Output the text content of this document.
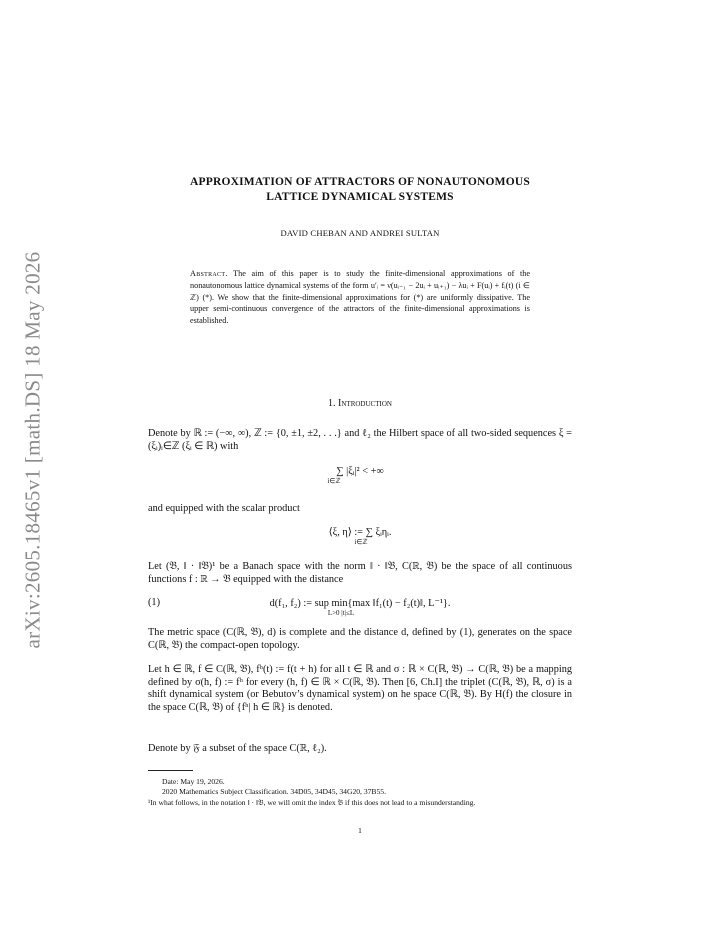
arXiv:2605.18465v1 [math.DS] 18 May 2026
APPROXIMATION OF ATTRACTORS OF NONAUTONOMOUS
LATTICE DYNAMICAL SYSTEMS
DAVID CHEBAN AND ANDREI SULTAN
Abstract. The aim of this paper is to study the finite-dimensional approximations of the nonautonomous lattice dynamical systems of the form u′ᵢ = ν(uᵢ₋₁ − 2uᵢ + uᵢ₊₁) − λuᵢ + F(uᵢ) + fᵢ(t) (i ∈ ℤ) (*). We show that the finite-dimensional approximations for (*) are uniformly dissipative. The upper semi-continuous convergence of the attractors of the finite-dimensional approximations is established.
1. Introduction
Denote by ℝ := (−∞, ∞), ℤ := {0, ±1, ±2, . . .} and ℓ₂ the Hilbert space of all two-sided sequences ξ = (ξᵢ)ᵢ∈ℤ (ξᵢ ∈ ℝ) with
∑ |ξᵢ|² < +∞
i∈ℤ
and equipped with the scalar product
⟨ξ, η⟩ := ∑ ξᵢηᵢ.
i∈ℤ
Let (𝔅, ‖ · ‖𝔅)¹ be a Banach space with the norm ‖ · ‖𝔅, C(ℝ, 𝔅) be the space of all continuous functions f : ℝ → 𝔅 equipped with the distance
(1)	d(f₁, f₂) := sup min{max ‖f₁(t) − f₂(t)‖, L⁻¹}.
L>0 |t|≤L
The metric space (C(ℝ, 𝔅), d) is complete and the distance d, defined by (1), generates on the space C(ℝ, 𝔅) the compact-open topology.
Let h ∈ ℝ, f ∈ C(ℝ, 𝔅), fʰ(t) := f(t + h) for all t ∈ ℝ and σ : ℝ × C(ℝ, 𝔅) → C(ℝ, 𝔅) be a mapping defined by σ(h, f) := fʰ for every (h, f) ∈ ℝ × C(ℝ, 𝔅). Then [6, Ch.I] the triplet (C(ℝ, 𝔅), ℝ, σ) is a shift dynamical system (or Bebutov’s dynamical system) on he space C(ℝ, 𝔅). By H(f) the closure in the space C(ℝ, 𝔅) of {fʰ| h ∈ ℝ} is denoted.
Denote by 𝔉 a subset of the space C(ℝ, ℓ₂).
Date: May 19, 2026.
2020 Mathematics Subject Classification. 34D05, 34D45, 34G20, 37B55.
¹In what follows, in the notation ‖ · ‖𝔅, we will omit the index 𝔅 if this does not lead to a misunderstanding.
1
